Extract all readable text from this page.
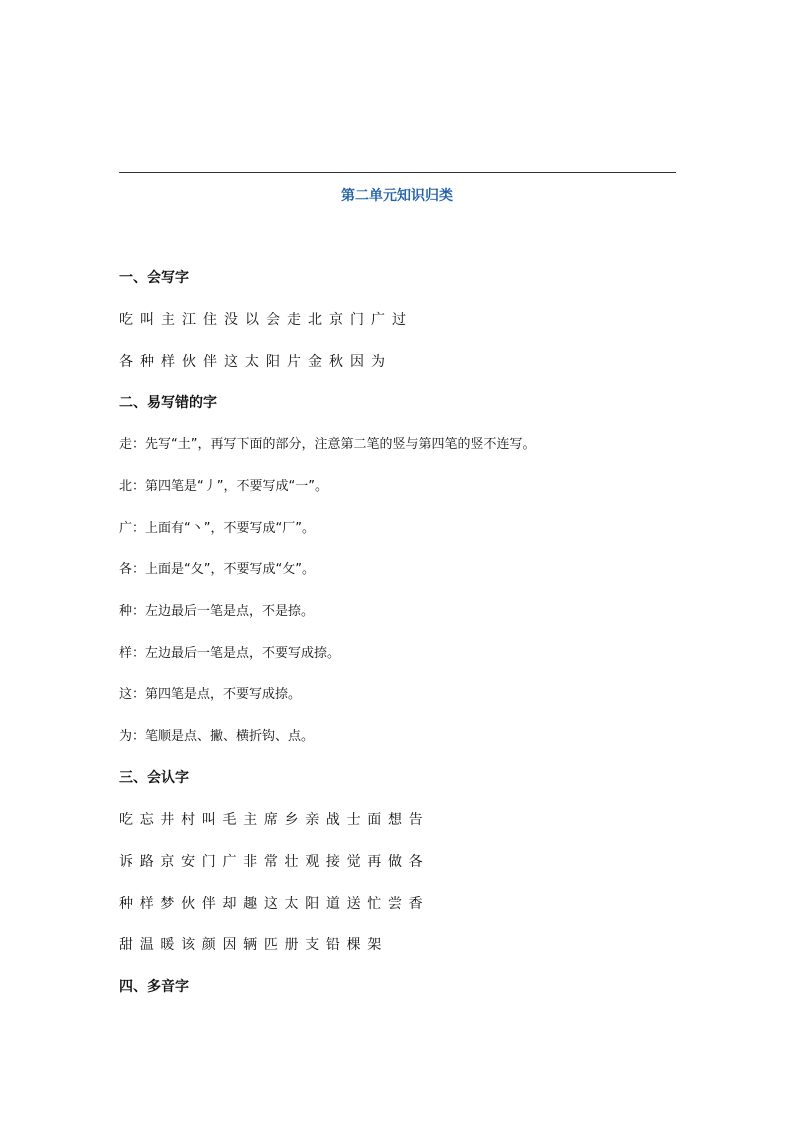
第二单元知识归类
一、会写字
吃 叫 主 江 住 没 以 会 走 北 京 门 广 过
各 种 样 伙 伴 这 太 阳 片 金 秋 因 为
二、易写错的字
走：先写“土”，再写下面的部分，注意第二笔的竖与第四笔的竖不连写。
北：第四笔是“丿”，不要写成“一”。
广：上面有“丶”，不要写成“厂”。
各：上面是“夂”，不要写成“攵”。
种：左边最后一笔是点，不是捺。
样：左边最后一笔是点，不要写成捺。
这：第四笔是点，不要写成捺。
为：笔顺是点、撇、横折钩、点。
三、会认字
吃 忘 井 村 叫 毛 主 席 乡 亲 战 士 面 想 告
诉 路 京 安 门 广 非 常 壮 观 接 觉 再 做 各
种 样 梦 伙 伴 却 趣 这 太 阳 道 送 忙 尝 香
甜 温 暖 该 颜 因 辆 匹 册 支 铅 棵 架
四、多音字
